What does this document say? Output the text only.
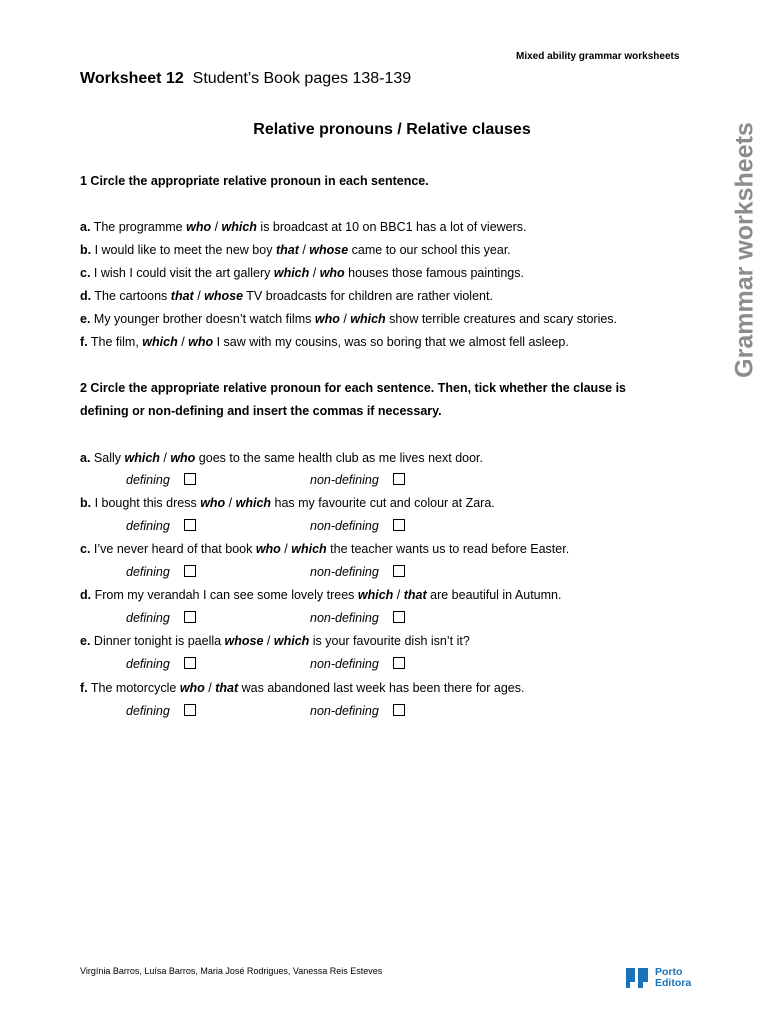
Mixed ability grammar worksheets
Worksheet 12 Student’s Book pages 138-139
Grammar worksheets
Relative pronouns / Relative clauses
1 Circle the appropriate relative pronoun in each sentence.
a. The programme who / which is broadcast at 10 on BBC1 has a lot of viewers.
b. I would like to meet the new boy that / whose came to our school this year.
c. I wish I could visit the art gallery which / who houses those famous paintings.
d. The cartoons that / whose TV broadcasts for children are rather violent.
e. My younger brother doesn’t watch films who / which show terrible creatures and scary stories.
f. The film, which / who I saw with my cousins, was so boring that we almost fell asleep.
2 Circle the appropriate relative pronoun for each sentence. Then, tick whether the clause is
defining or non-defining and insert the commas if necessary.
a. Sally which / who goes to the same health club as me lives next door.
defining	non-defining
b. I bought this dress who / which has my favourite cut and colour at Zara.
defining	non-defining
c. I’ve never heard of that book who / which the teacher wants us to read before Easter.
defining	non-defining
d. From my verandah I can see some lovely trees which / that are beautiful in Autumn.
defining	non-defining
e. Dinner tonight is paella whose / which is your favourite dish isn’t it?
defining	non-defining
f. The motorcycle who / that was abandoned last week has been there for ages.
defining	non-defining
Virgínia Barros, Luísa Barros, Maria José Rodrigues, Vanessa Reis Esteves	Porto
Editora
